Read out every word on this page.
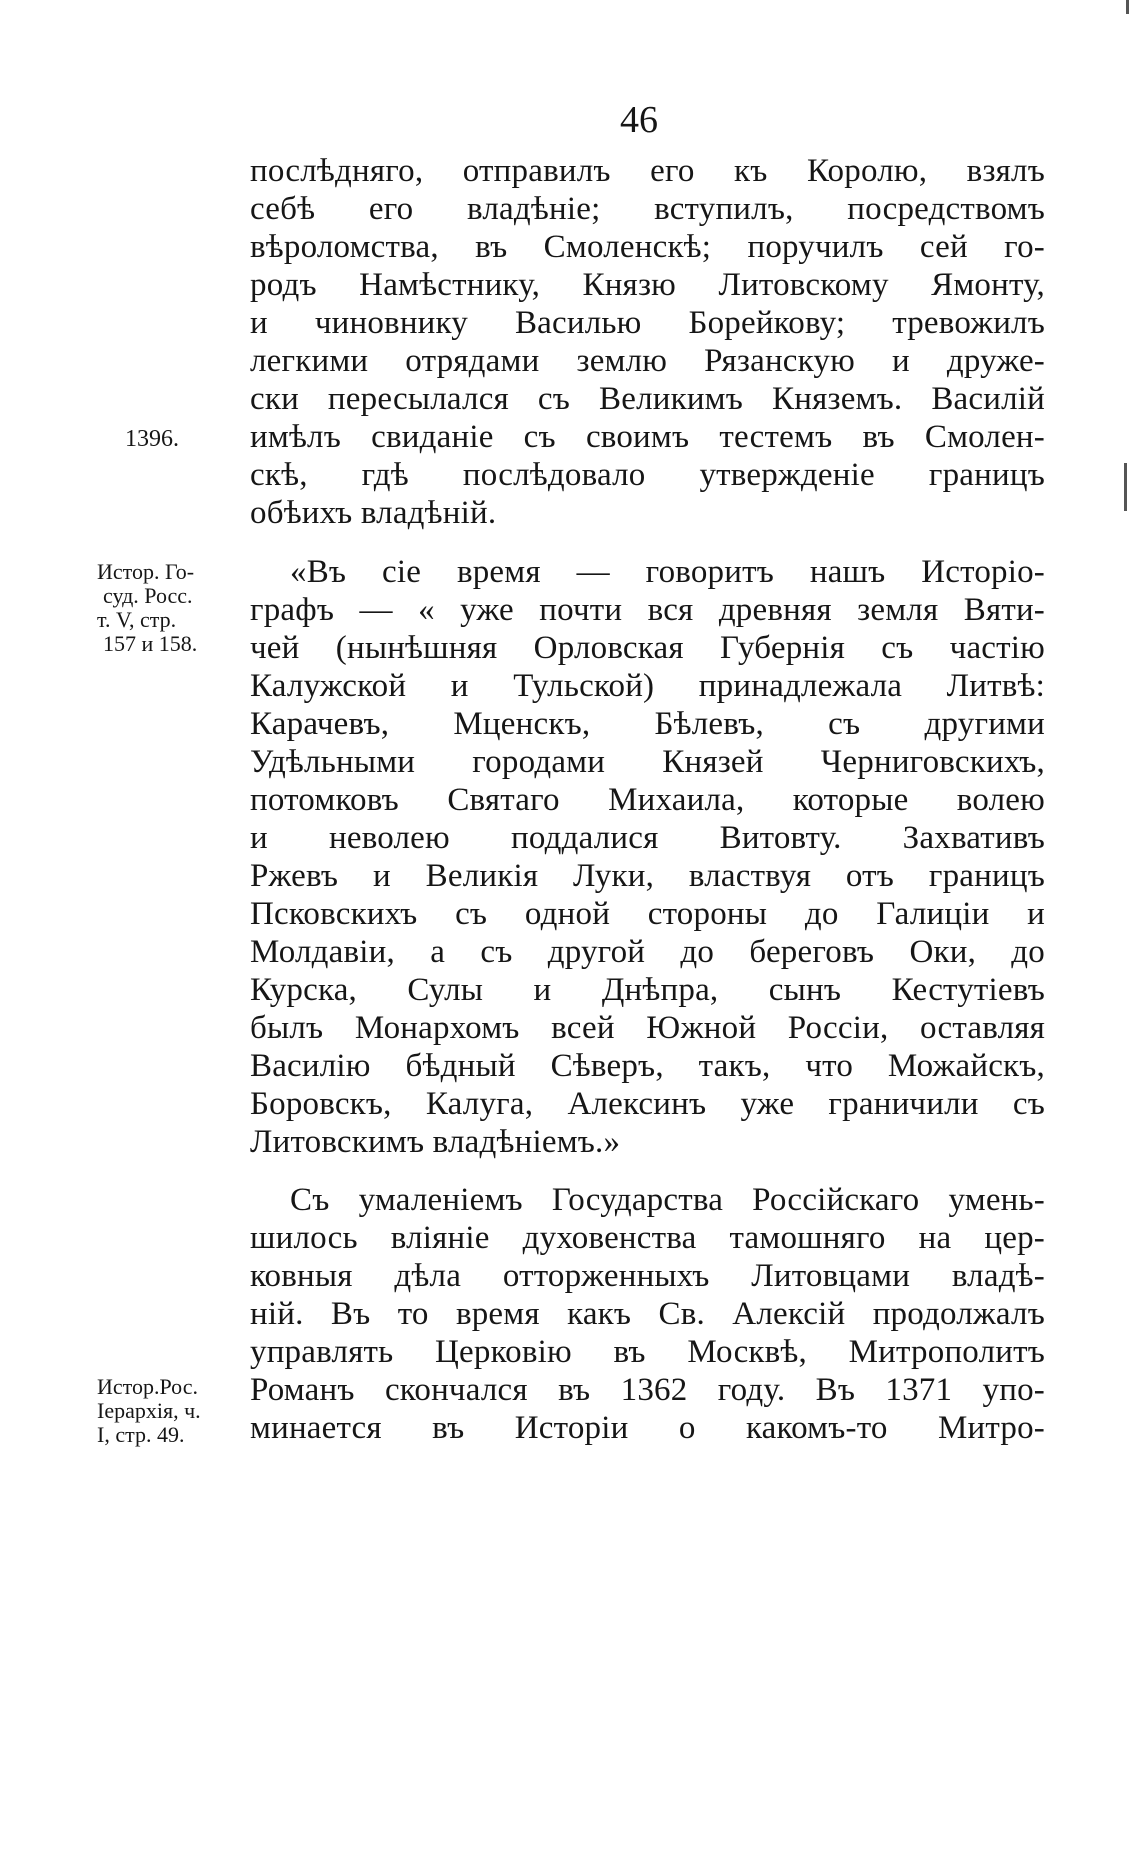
46
послѣдняго, отправилъ его къ Королю, взялъ
себѣ его владѣніе; вступилъ, посредствомъ
вѣроломства, въ Смоленскѣ; поручилъ сей го-
родъ Намѣстнику, Князю Литовскому Ямонту,
и чиновнику Василью Борейкову; тревожилъ
легкими отрядами землю Рязанскую и друже-
ски пересылался съ Великимъ Княземъ. Василій
имѣлъ свиданіе съ своимъ тестемъ въ Смолен-
скѣ, гдѣ послѣдовало утвержденіе границъ
обѣихъ владѣній.
«Въ сіе время — говоритъ нашъ Исторіо-
графъ — « уже почти вся древняя земля Вяти-
чей (нынѣшняя Орловская Губернія съ частію
Калужской и Тульской) принадлежала Литвѣ:
Карачевъ, Мценскъ, Бѣлевъ, съ другими
Удѣльными городами Князей Черниговскихъ,
потомковъ Святаго Михаила, которые волею
и неволею поддалися Витовту. Захвативъ
Ржевъ и Великія Луки, властвуя отъ границъ
Псковскихъ съ одной стороны до Галиціи и
Молдавіи, а съ другой до береговъ Оки, до
Курска, Сулы и Днѣпра, сынъ Кестутіевъ
былъ Монархомъ всей Южной Россіи, оставляя
Василію бѣдный Сѣверъ, такъ, что Можайскъ,
Боровскъ, Калуга, Алексинъ уже граничили съ
Литовскимъ владѣніемъ.»
Съ умаленіемъ Государства Россійскаго умень-
шилось вліяніе духовенства тамошняго на цер-
ковныя дѣла отторженныхъ Литовцами владѣ-
ній. Въ то время какъ Св. Алексій продолжалъ
управлять Церковію въ Москвѣ, Митрополитъ
Романъ скончался въ 1362 году. Въ 1371 упо-
минается въ Исторіи о какомъ-то Митро-
1396.
Истор. Го-
суд. Росс.
т. V, стр.
157 и 158.
Истор.Рос.
Іерархія, ч.
I, стр. 49.
